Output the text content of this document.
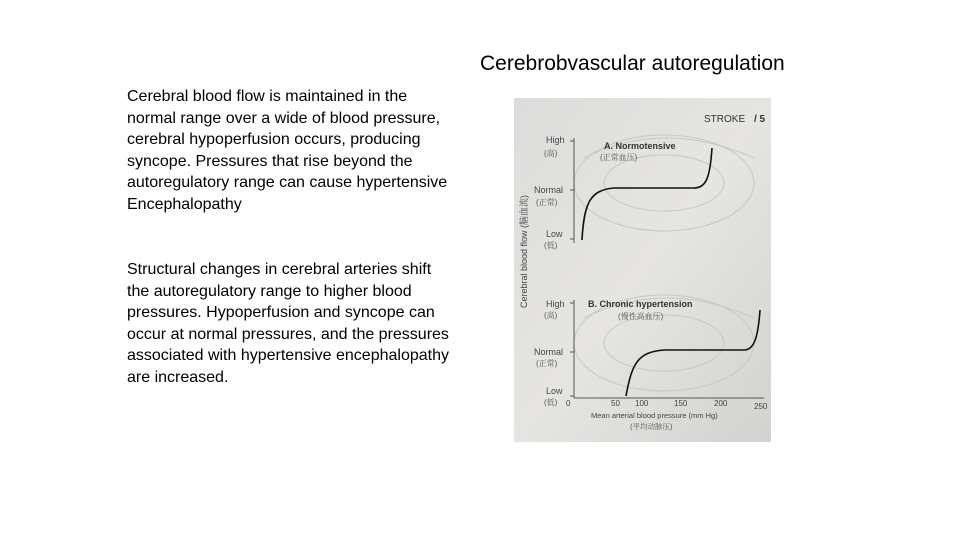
Cerebrobvascular autoregulation
Cerebral blood flow is maintained in the normal range over a wide of blood pressure, cerebral hypoperfusion occurs, producing syncope. Pressures that rise beyond the autoregulatory range can cause hypertensive Encephalopathy
Structural changes in cerebral arteries shift the autoregulatory range to higher blood pressures. Hypoperfusion and syncope can occur at normal pressures, and the pressures associated with hypertensive encephalopathy are increased.
STROKE / 5
Cerebral blood flow (脑血流)
High
(高)
Normal
(正常)
Low
(低)
A. Normotensive
(正常血压)
High
(高)
Normal
(正常)
Low
(低)
B. Chronic hypertension
(慢性高血压)
0	50 100	150	200	250
Mean arterial blood pressure (mm Hg)
(平均动脉压)
